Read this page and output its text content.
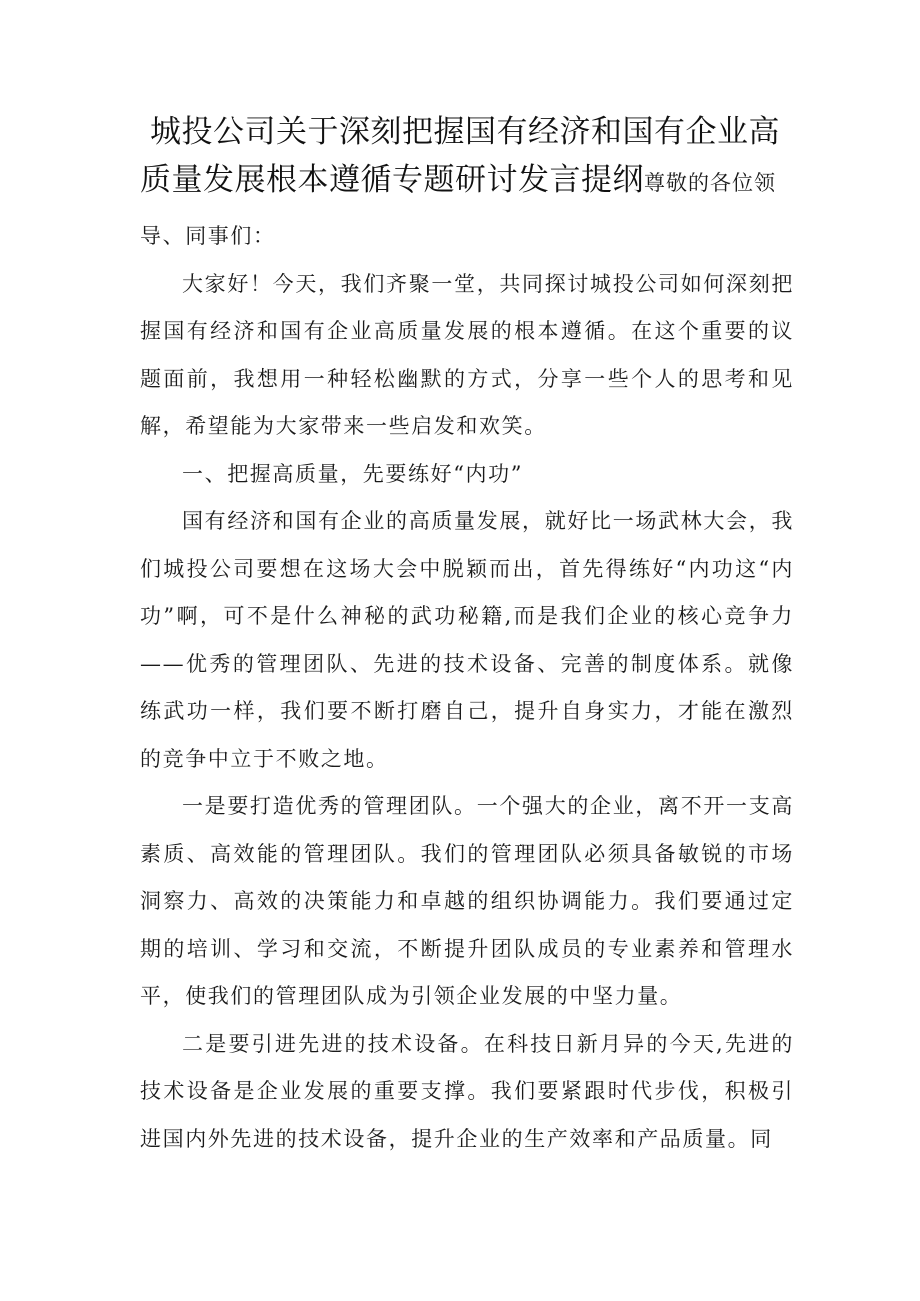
城投公司关于深刻把握国有经济和国有企业高
质量发展根本遵循专题研讨发言提纲尊敬的各位领
导、同事们：

大家好！今天，我们齐聚一堂，共同探讨城投公司如何深刻把握国有经济和国有企业高质量发展的根本遵循。在这个重要的议题面前，我想用一种轻松幽默的方式，分享一些个人的思考和见解，希望能为大家带来一些启发和欢笑。

一、把握高质量，先要练好“内功”

国有经济和国有企业的高质量发展，就好比一场武林大会，我们城投公司要想在这场大会中脱颖而出，首先得练好“内功这“内功”啊，可不是什么神秘的武功秘籍,而是我们企业的核心竞争力——优秀的管理团队、先进的技术设备、完善的制度体系。就像练武功一样，我们要不断打磨自己，提升自身实力，才能在激烈的竞争中立于不败之地。

一是要打造优秀的管理团队。一个强大的企业，离不开一支高素质、高效能的管理团队。我们的管理团队必须具备敏锐的市场洞察力、高效的决策能力和卓越的组织协调能力。我们要通过定期的培训、学习和交流，不断提升团队成员的专业素养和管理水平，使我们的管理团队成为引领企业发展的中坚力量。

二是要引进先进的技术设备。在科技日新月异的今天,先进的技术设备是企业发展的重要支撑。我们要紧跟时代步伐，积极引进国内外先进的技术设备，提升企业的生产效率和产品质量。同
